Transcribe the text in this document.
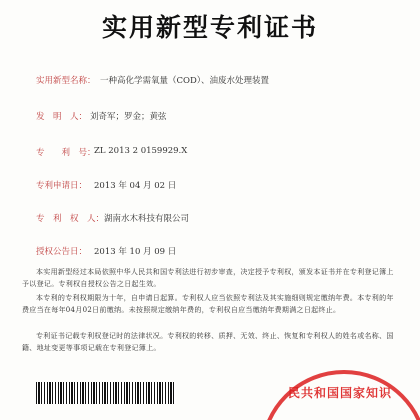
实用新型专利证书
实用新型名称： 一种高化学需氧量（COD）、油废水处理装置
发　明　人： 刘奇军；罗金；黄弦
专　　利　号：
ZL 2013 2 0159929.X
专利申请日： 2013 年 04 月 02 日
专　利　权　人： 湖南水木科技有限公司
授权公告日： 2013 年 10 月 09 日
本实用新型经过本局依照中华人民共和国专利法进行初步审查，决定授予专利权，颁发本证书并在专利登记簿上予以登记。专利权自授权公告之日起生效。
本专利的专利权期限为十年，自申请日起算。专利权人应当依照专利法及其实施细则规定缴纳年费。本专利的年费应当在每年04月02日前缴纳。未按照规定缴纳年费的，专利权自应当缴纳年费期满之日起终止。
专利证书记载专利权登记时的法律状况。专利权的转移、质押、无效、终止、恢复和专利权人的姓名或名称、国籍、地址变更等事项记载在专利登记簿上。
民共和国国家知识
